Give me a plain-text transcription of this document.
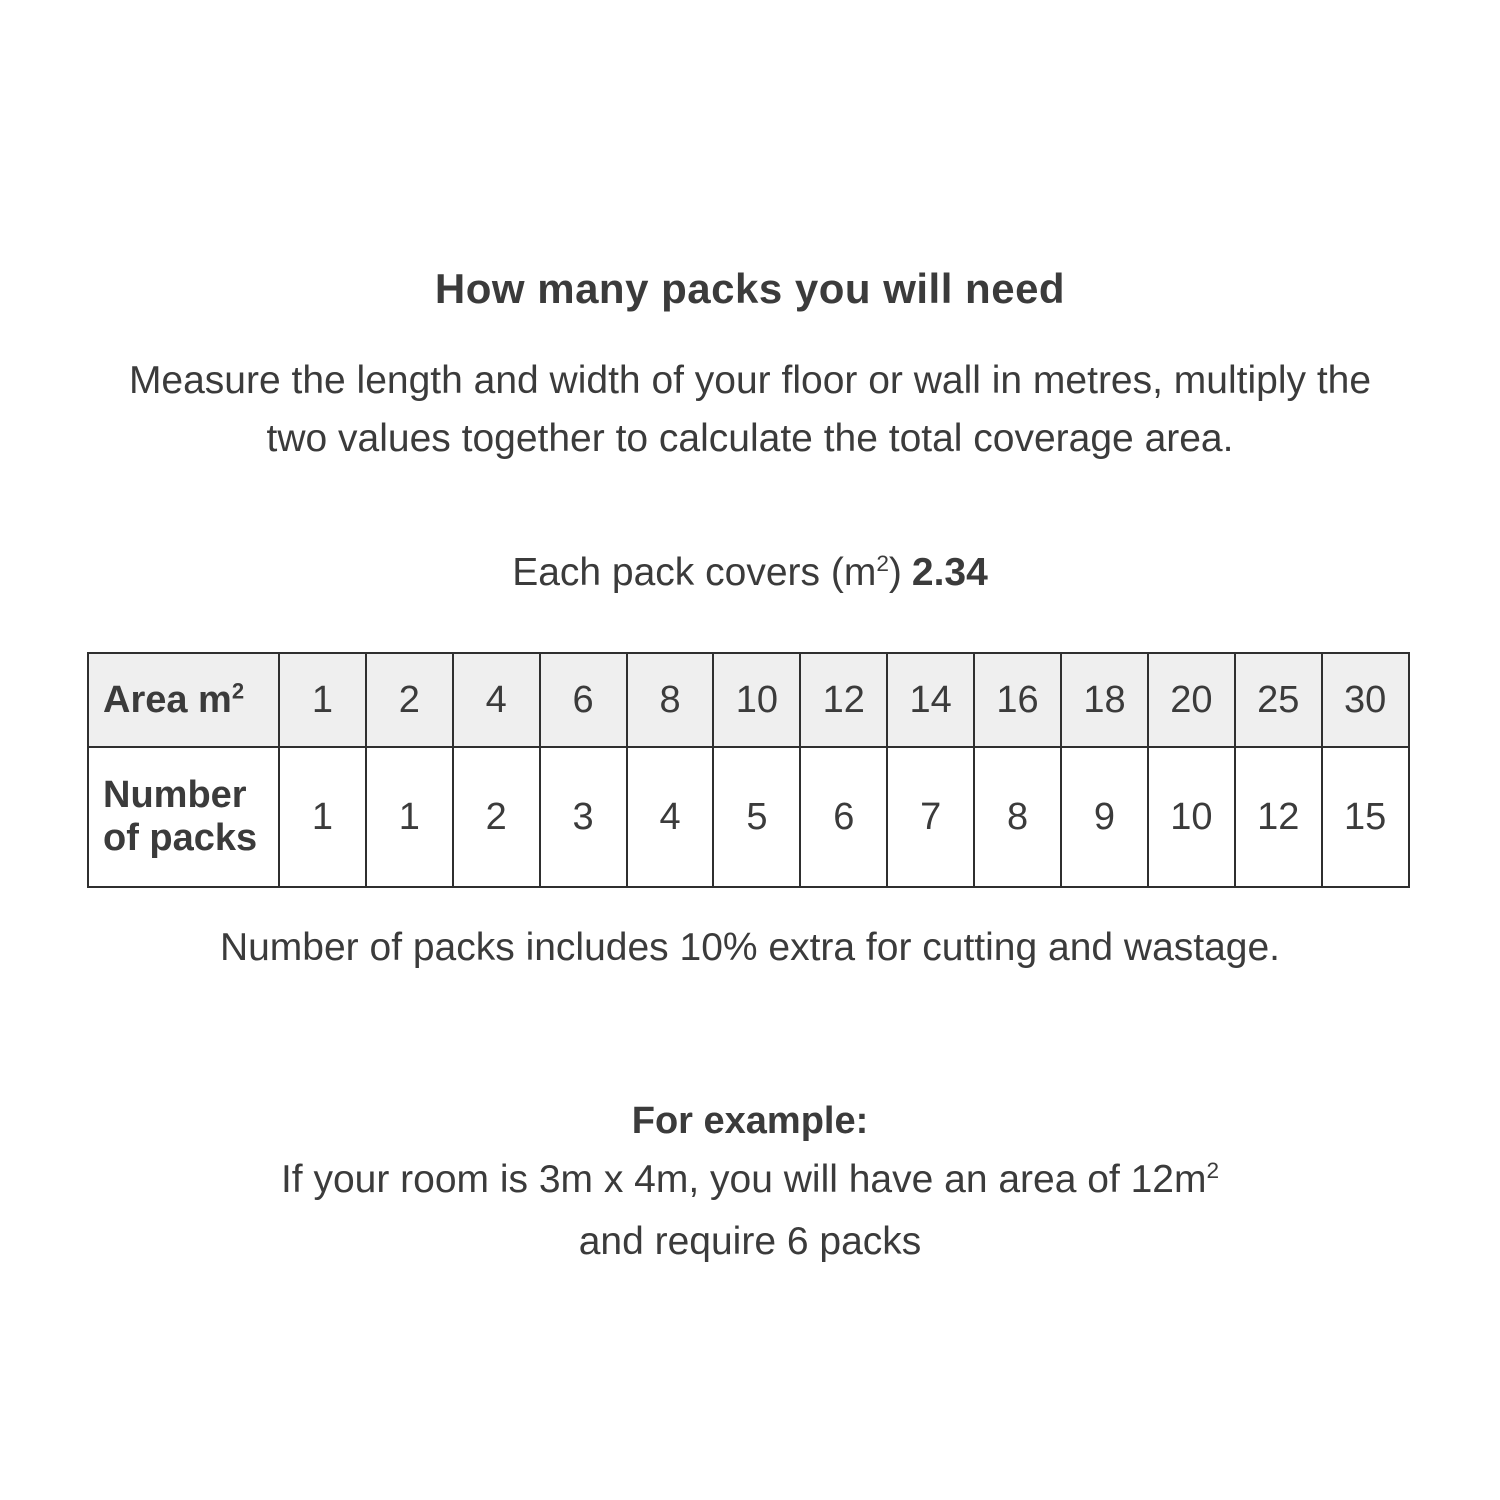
How many packs you will need
Measure the length and width of your floor or wall in metres, multiply the
two values together to calculate the total coverage area.
Each pack covers $(m^2)$ 2.34
Area $m^2$	1	2	4	6	8	10	12	14	16	18	20	25	30
Number of packs	1	1	2	3	4	5	6	7	8	9	10	12	15
Number of packs includes 10% extra for cutting and wastage.
For example:
If your room is 3m x 4m, you will have an area of $12m^2$
and require 6 packs
